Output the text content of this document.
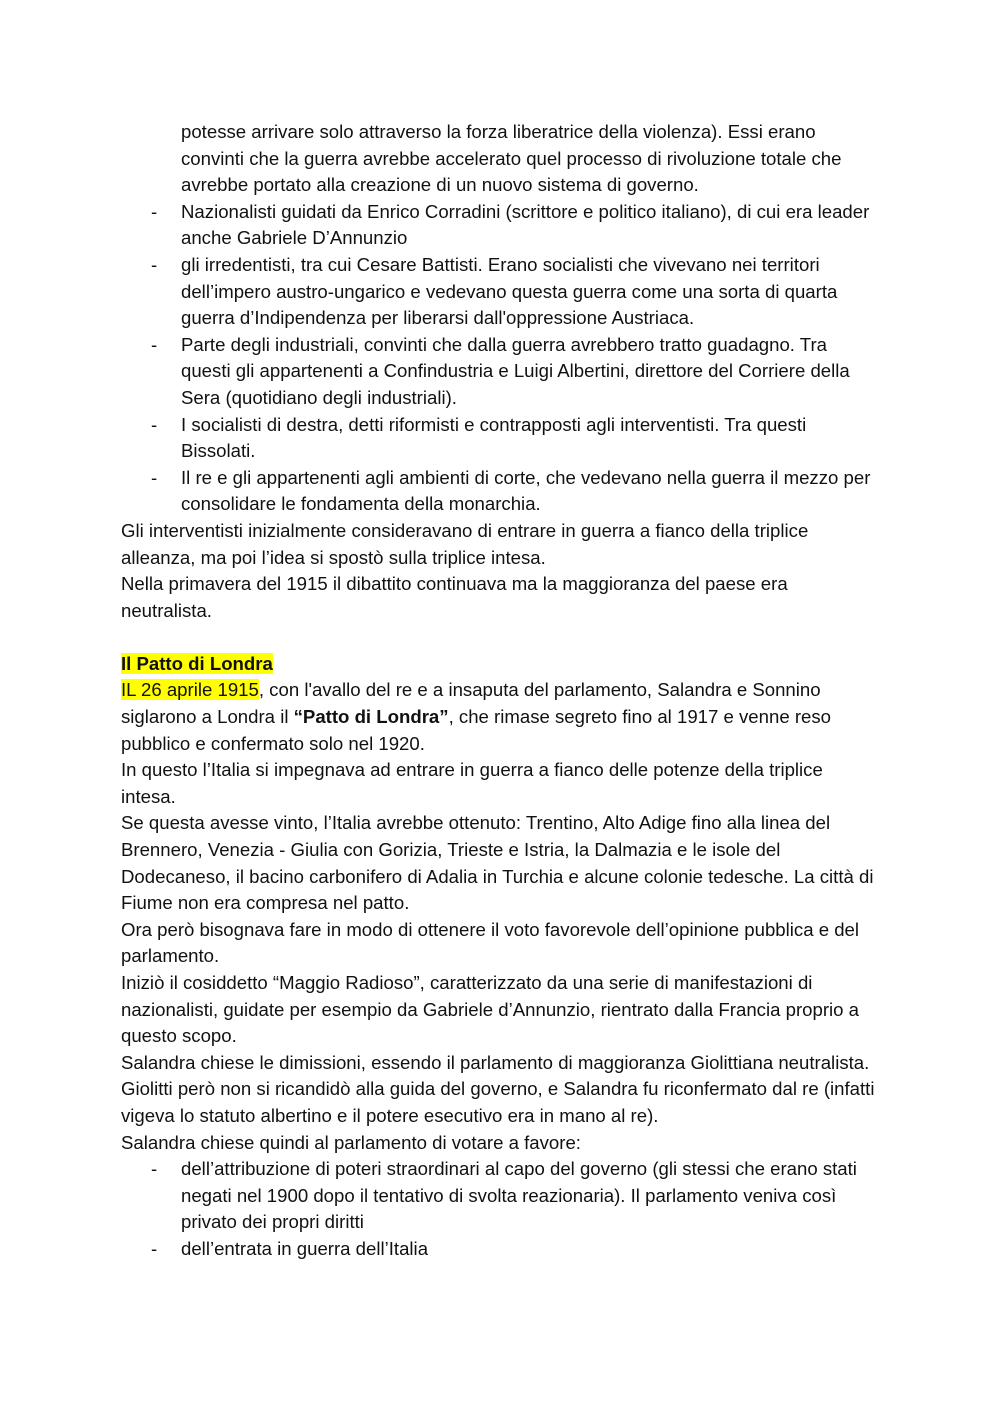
potesse arrivare solo attraverso la forza liberatrice della violenza). Essi erano convinti che la guerra avrebbe accelerato quel processo di rivoluzione totale che avrebbe portato alla creazione di un nuovo sistema di governo.
- Nazionalisti guidati da Enrico Corradini (scrittore e politico italiano), di cui era leader anche Gabriele D’Annunzio
- gli irredentisti, tra cui Cesare Battisti. Erano socialisti che vivevano nei territori dell’impero austro-ungarico e vedevano questa guerra come una sorta di quarta guerra d’Indipendenza per liberarsi dall'oppressione Austriaca.
- Parte degli industriali, convinti che dalla guerra avrebbero tratto guadagno. Tra questi gli appartenenti a Confindustria e Luigi Albertini, direttore del Corriere della Sera (quotidiano degli industriali).
- I socialisti di destra, detti riformisti e contrapposti agli interventisti. Tra questi Bissolati.
- Il re e gli appartenenti agli ambienti di corte, che vedevano nella guerra il mezzo per consolidare le fondamenta della monarchia.

Gli interventisti inizialmente consideravano di entrare in guerra a fianco della triplice alleanza, ma poi l’idea si spostò sulla triplice intesa.

Nella primavera del 1915 il dibattito continuava ma la maggioranza del paese era neutralista.

Il Patto di Londra

IL 26 aprile 1915, con l'avallo del re e a insaputa del parlamento, Salandra e Sonnino siglarono a Londra il “Patto di Londra”, che rimase segreto fino al 1917 e venne reso pubblico e confermato solo nel 1920.

In questo l’Italia si impegnava ad entrare in guerra a fianco delle potenze della triplice intesa.

Se questa avesse vinto, l’Italia avrebbe ottenuto: Trentino, Alto Adige fino alla linea del Brennero, Venezia - Giulia con Gorizia, Trieste e Istria, la Dalmazia e le isole del Dodecaneso, il bacino carbonifero di Adalia in Turchia e alcune colonie tedesche. La città di Fiume non era compresa nel patto.

Ora però bisognava fare in modo di ottenere il voto favorevole dell’opinione pubblica e del parlamento.

Iniziò il cosiddetto “Maggio Radioso”, caratterizzato da una serie di manifestazioni di nazionalisti, guidate per esempio da Gabriele d’Annunzio, rientrato dalla Francia proprio a questo scopo.

Salandra chiese le dimissioni, essendo il parlamento di maggioranza Giolittiana neutralista. Giolitti però non si ricandidò alla guida del governo, e Salandra fu riconfermato dal re (infatti vigeva lo statuto albertino e il potere esecutivo era in mano al re).

Salandra chiese quindi al parlamento di votare a favore:

- dell’attribuzione di poteri straordinari al capo del governo (gli stessi che erano stati negati nel 1900 dopo il tentativo di svolta reazionaria). Il parlamento veniva così privato dei propri diritti
- dell’entrata in guerra dell’Italia
